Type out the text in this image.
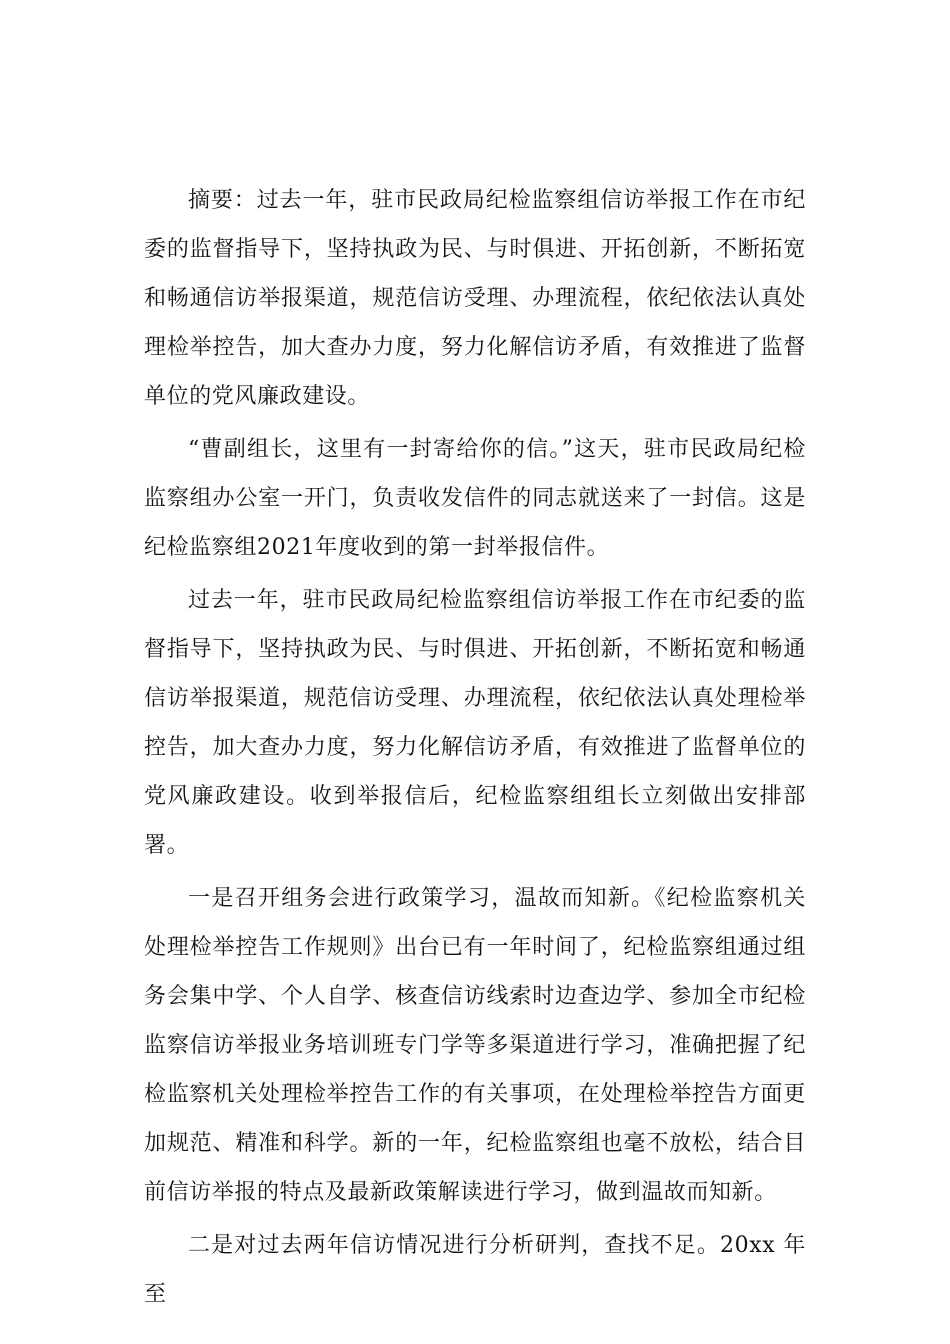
摘要：过去一年，驻市民政局纪检监察组信访举报工作在市纪委的监督指导下，坚持执政为民、与时俱进、开拓创新，不断拓宽和畅通信访举报渠道，规范信访受理、办理流程，依纪依法认真处理检举控告，加大查办力度，努力化解信访矛盾，有效推进了监督单位的党风廉政建设。

“曹副组长，这里有一封寄给你的信。”这天，驻市民政局纪检监察组办公室一开门，负责收发信件的同志就送来了一封信。这是纪检监察组2021年度收到的第一封举报信件。

过去一年，驻市民政局纪检监察组信访举报工作在市纪委的监督指导下，坚持执政为民、与时俱进、开拓创新，不断拓宽和畅通信访举报渠道，规范信访受理、办理流程，依纪依法认真处理检举控告，加大查办力度，努力化解信访矛盾，有效推进了监督单位的党风廉政建设。收到举报信后，纪检监察组组长立刻做出安排部署。

一是召开组务会进行政策学习，温故而知新。《纪检监察机关处理检举控告工作规则》出台已有一年时间了，纪检监察组通过组务会集中学、个人自学、核查信访线索时边查边学、参加全市纪检监察信访举报业务培训班专门学等多渠道进行学习，准确把握了纪检监察机关处理检举控告工作的有关事项，在处理检举控告方面更加规范、精准和科学。新的一年，纪检监察组也毫不放松，结合目前信访举报的特点及最新政策解读进行学习，做到温故而知新。

二是对过去两年信访情况进行分析研判，查找不足。20xx 年至
